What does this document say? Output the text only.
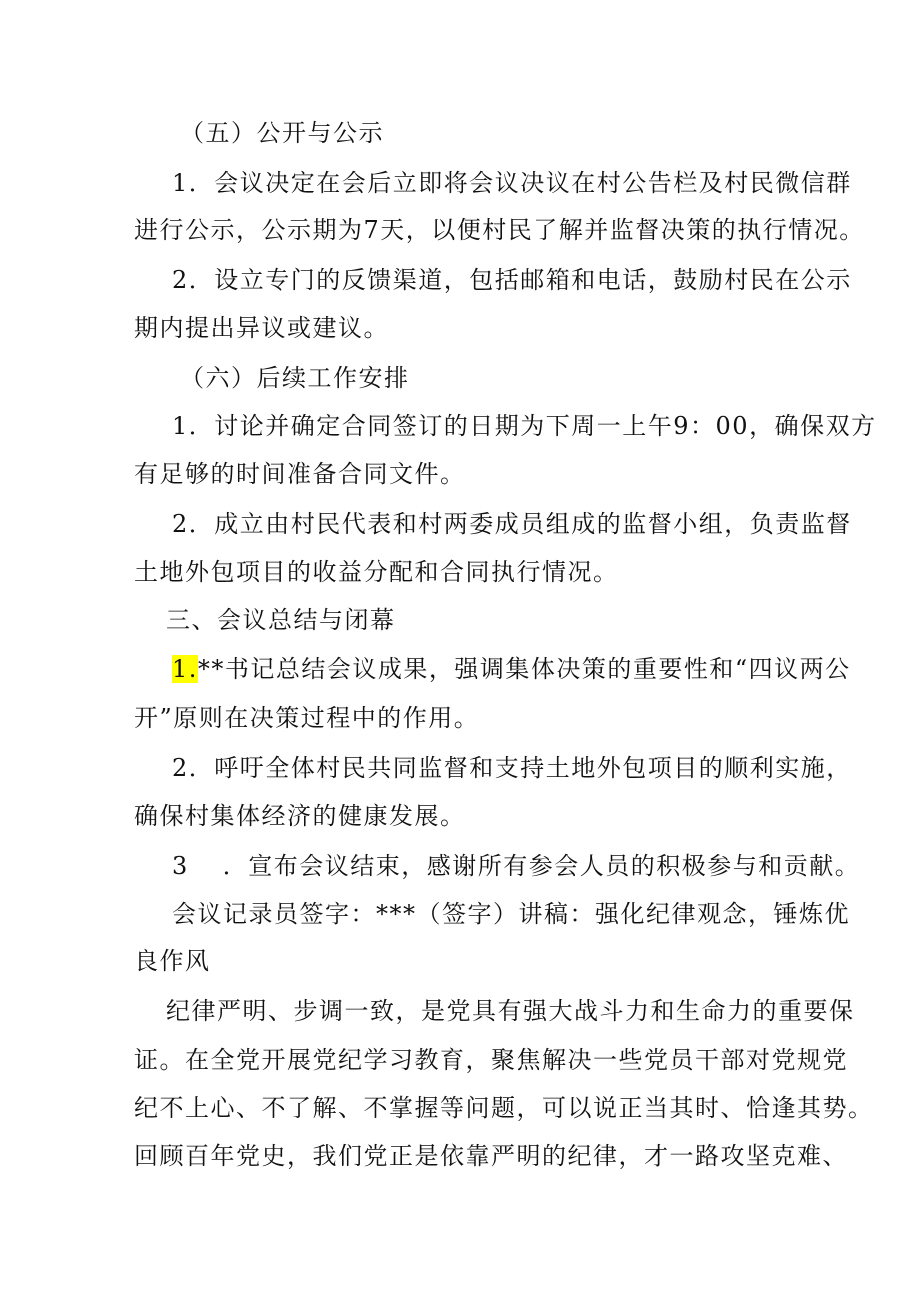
（五）公开与公示
1．会议决定在会后立即将会议决议在村公告栏及村民微信群
进行公示，公示期为7天，以便村民了解并监督决策的执行情况。
2．设立专门的反馈渠道，包括邮箱和电话，鼓励村民在公示
期内提出异议或建议。
（六）后续工作安排
1．讨论并确定合同签订的日期为下周一上午9：00，确保双方
有足够的时间准备合同文件。
2．成立由村民代表和村两委成员组成的监督小组，负责监督
土地外包项目的收益分配和合同执行情况。
三、会议总结与闭幕
1.**书记总结会议成果，强调集体决策的重要性和“四议两公
开”原则在决策过程中的作用。
2．呼吁全体村民共同监督和支持土地外包项目的顺利实施，
确保村集体经济的健康发展。
3 ．宣布会议结束，感谢所有参会人员的积极参与和贡献。
会议记录员签字：***（签字）讲稿：强化纪律观念，锤炼优
良作风
纪律严明、步调一致，是党具有强大战斗力和生命力的重要保
证。在全党开展党纪学习教育，聚焦解决一些党员干部对党规党
纪不上心、不了解、不掌握等问题，可以说正当其时、恰逢其势。
回顾百年党史，我们党正是依靠严明的纪律，才一路攻坚克难、
